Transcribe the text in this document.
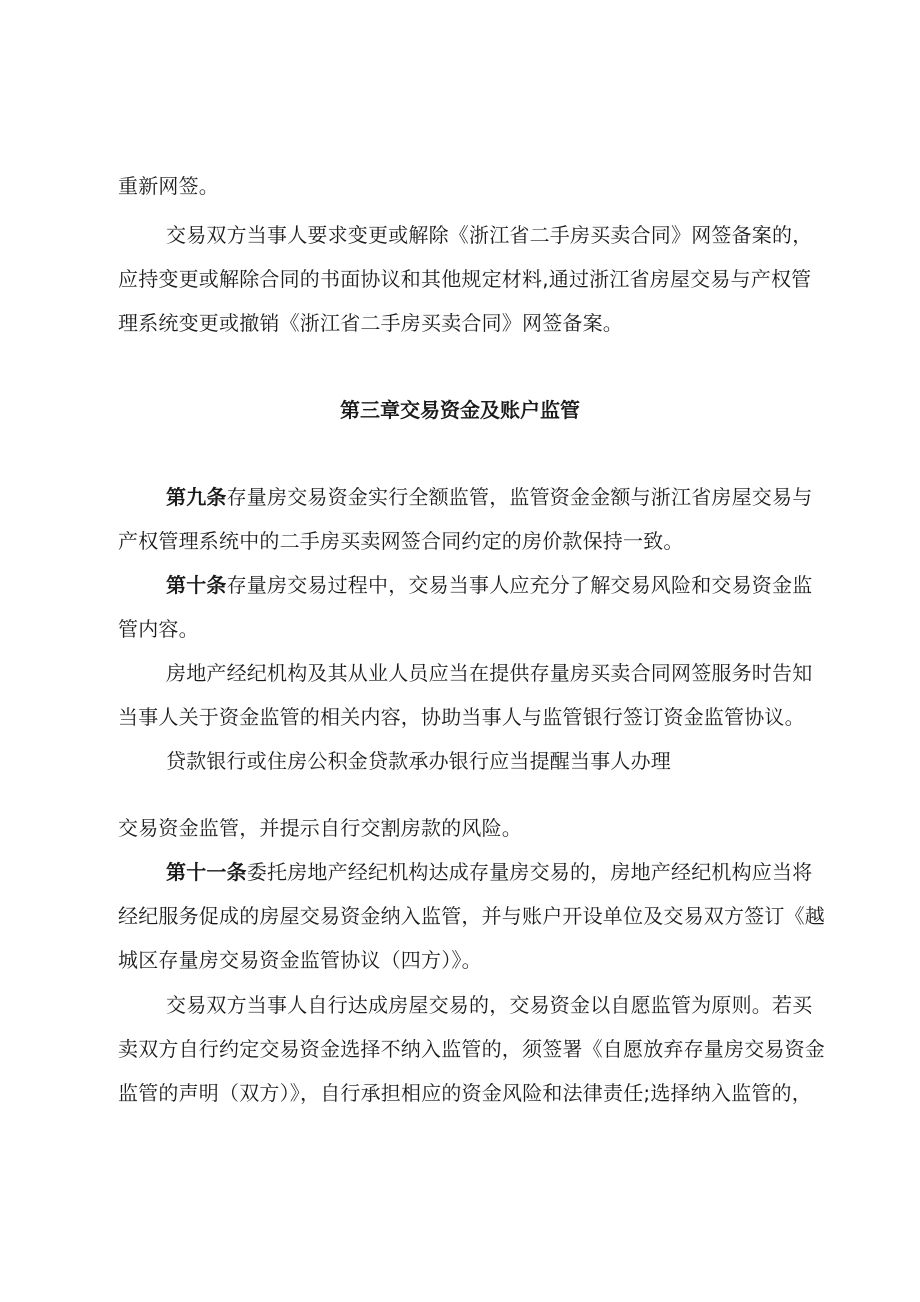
重新网签。
交易双方当事人要求变更或解除《浙江省二手房买卖合同》网签备案的，
应持变更或解除合同的书面协议和其他规定材料,通过浙江省房屋交易与产权管
理系统变更或撤销《浙江省二手房买卖合同》网签备案。
第三章交易资金及账户监管
第九条存量房交易资金实行全额监管，监管资金金额与浙江省房屋交易与
产权管理系统中的二手房买卖网签合同约定的房价款保持一致。
第十条存量房交易过程中，交易当事人应充分了解交易风险和交易资金监
管内容。
房地产经纪机构及其从业人员应当在提供存量房买卖合同网签服务时告知
当事人关于资金监管的相关内容，协助当事人与监管银行签订资金监管协议。
贷款银行或住房公积金贷款承办银行应当提醒当事人办理
交易资金监管，并提示自行交割房款的风险。
第十一条委托房地产经纪机构达成存量房交易的，房地产经纪机构应当将
经纪服务促成的房屋交易资金纳入监管，并与账户开设单位及交易双方签订《越
城区存量房交易资金监管协议（四方）》。
交易双方当事人自行达成房屋交易的，交易资金以自愿监管为原则。若买
卖双方自行约定交易资金选择不纳入监管的，须签署《自愿放弃存量房交易资金
监管的声明（双方）》，自行承担相应的资金风险和法律责任;选择纳入监管的，
